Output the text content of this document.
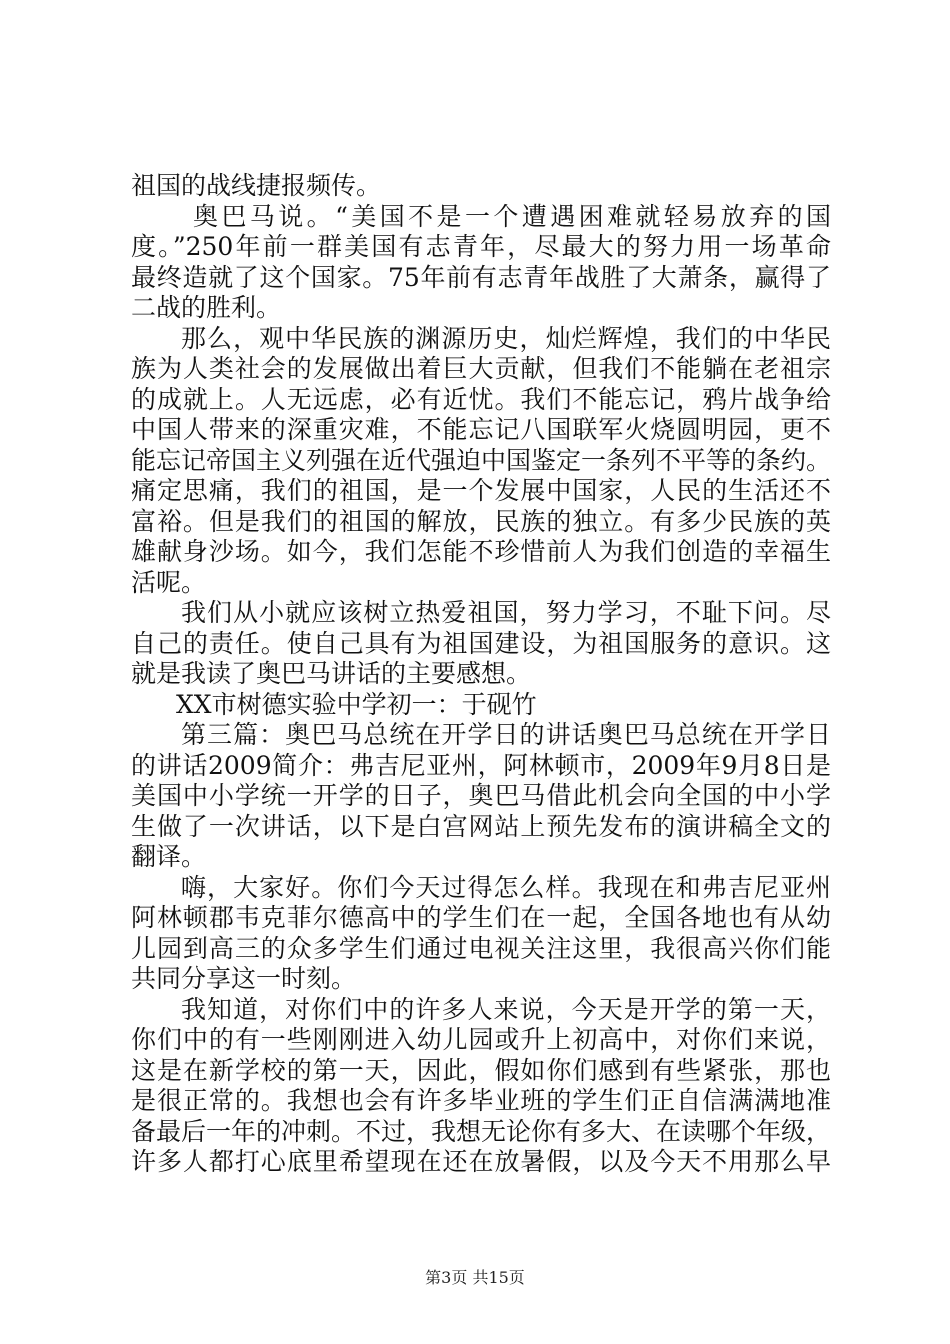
祖国的战线捷报频传。
奥巴马说。“美国不是一个遭遇困难就轻易放弃的国
度。”250年前一群美国有志青年，尽最大的努力用一场革命
最终造就了这个国家。75年前有志青年战胜了大萧条，赢得了
二战的胜利。
那么，观中华民族的渊源历史，灿烂辉煌，我们的中华民
族为人类社会的发展做出着巨大贡献，但我们不能躺在老祖宗
的成就上。人无远虑，必有近忧。我们不能忘记，鸦片战争给
中国人带来的深重灾难，不能忘记八国联军火烧圆明园，更不
能忘记帝国主义列强在近代强迫中国鉴定一条列不平等的条约。
痛定思痛，我们的祖国，是一个发展中国家，人民的生活还不
富裕。但是我们的祖国的解放，民族的独立。有多少民族的英
雄献身沙场。如今，我们怎能不珍惜前人为我们创造的幸福生
活呢。
我们从小就应该树立热爱祖国，努力学习，不耻下问。尽
自己的责任。使自己具有为祖国建设，为祖国服务的意识。这
就是我读了奥巴马讲话的主要感想。
XX市树德实验中学初一：于砚竹
第三篇：奥巴马总统在开学日的讲话奥巴马总统在开学日
的讲话2009简介：弗吉尼亚州，阿林顿市，2009年9月8日是
美国中小学统一开学的日子，奥巴马借此机会向全国的中小学
生做了一次讲话，以下是白宫网站上预先发布的演讲稿全文的
翻译。
嗨，大家好。你们今天过得怎么样。我现在和弗吉尼亚州
阿林顿郡韦克菲尔德高中的学生们在一起，全国各地也有从幼
儿园到高三的众多学生们通过电视关注这里，我很高兴你们能
共同分享这一时刻。
我知道，对你们中的许多人来说，今天是开学的第一天，
你们中的有一些刚刚进入幼儿园或升上初高中，对你们来说，
这是在新学校的第一天，因此，假如你们感到有些紧张，那也
是很正常的。我想也会有许多毕业班的学生们正自信满满地准
备最后一年的冲刺。不过，我想无论你有多大、在读哪个年级，
许多人都打心底里希望现在还在放暑假，以及今天不用那么早
第3页 共15页
